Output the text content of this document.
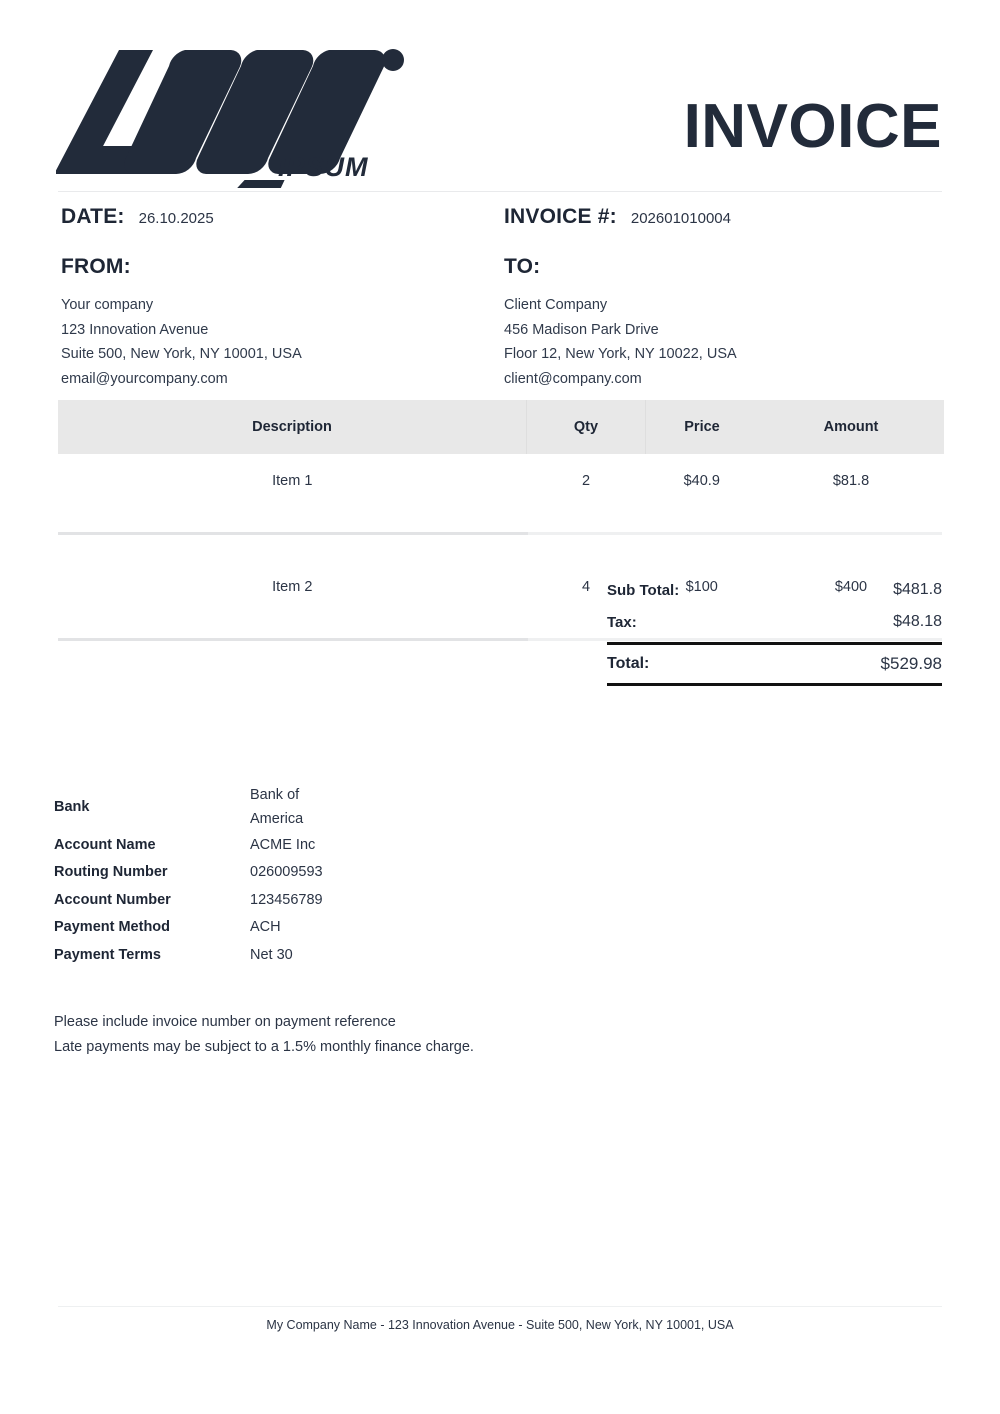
IPSUM
INVOICE
DATE: 26.10.2025	INVOICE #: 202601010004
FROM:
Your company
123 Innovation Avenue
Suite 500, New York, NY 10001, USA
email@yourcompany.com
TO:
Client Company
456 Madison Park Drive
Floor 12, New York, NY 10022, USA
client@company.com
Description	Qty	Price	Amount
Item 1	2	$40.9	$81.8

Item 2	4	$100	$400

Sub Total:	$481.8
Tax:	$48.18
Total:	$529.98
Bank	Bank of America

Account Name	ACME Inc
Routing Number	026009593
Account Number	123456789
Payment Method	ACH
Payment Terms	Net 30
Please include invoice number on payment reference
Late payments may be subject to a 1.5% monthly finance charge.
My Company Name - 123 Innovation Avenue - Suite 500, New York, NY 10001, USA
